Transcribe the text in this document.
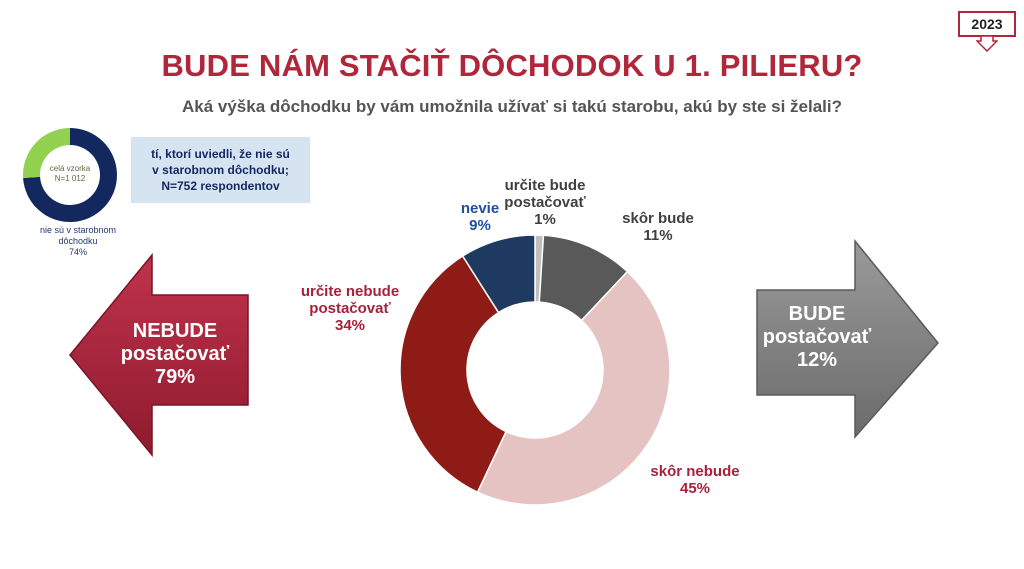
2023
BUDE NÁM STAČIŤ DÔCHODOK U 1. PILIERU?
Aká výška dôchodku by vám umožnila užívať si takú starobu, akú by ste si želali?
celá vzorka
N=1 012
nie sú v starobnom dôchodku
74%
tí, ktorí uviedli, že nie sú
v starobnom dôchodku;
N=752 respondentov
NEBUDE
postačovať
79%
BUDE
postačovať
12%
určite bude
postačovať
1%	skôr bude
11%
skôr nebude
45%
určite nebude
postačovať
34%
nevie
9%
